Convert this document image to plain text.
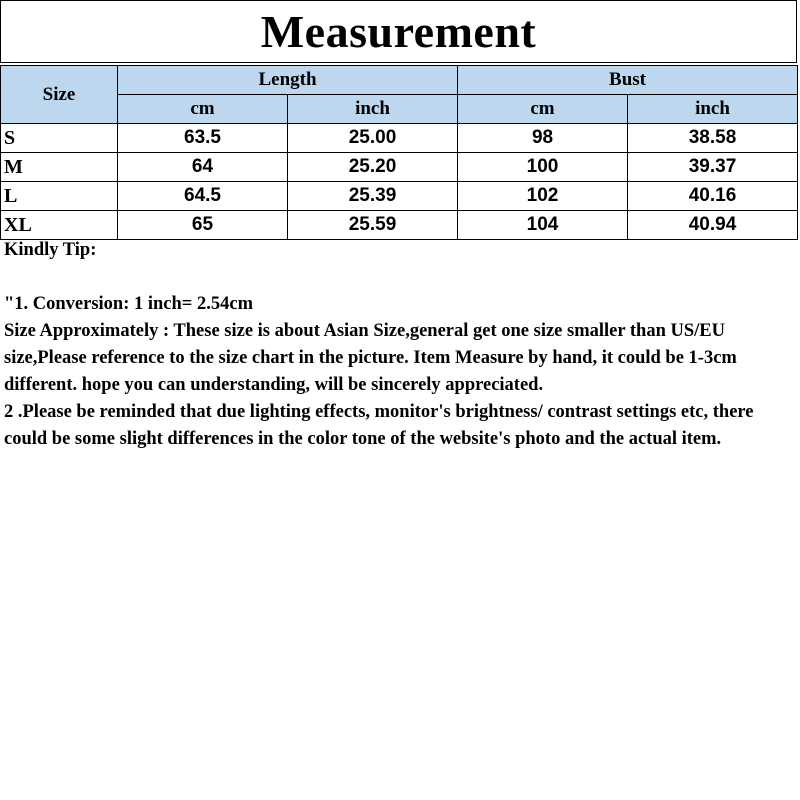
Measurement
Size	Length		Bust	
	cm	inch	cm	inch
S	63.5	25.00	98	38.58
M	64	25.20	100	39.37
L	64.5	25.39	102	40.16
XL	65	25.59	104	40.94

Kindly Tip:

"1. Conversion: 1 inch= 2.54cm

Size Approximately : These size is about Asian Size,general get one size smaller than US/EU size,Please reference to the size chart in the picture. Item Measure by hand, it could be 1-3cm different. hope you can understanding, will be sincerely appreciated.

2 .Please be reminded that due lighting effects, monitor's brightness/ contrast settings etc, there could be some slight differences in the color tone of the website's photo and the actual item.
